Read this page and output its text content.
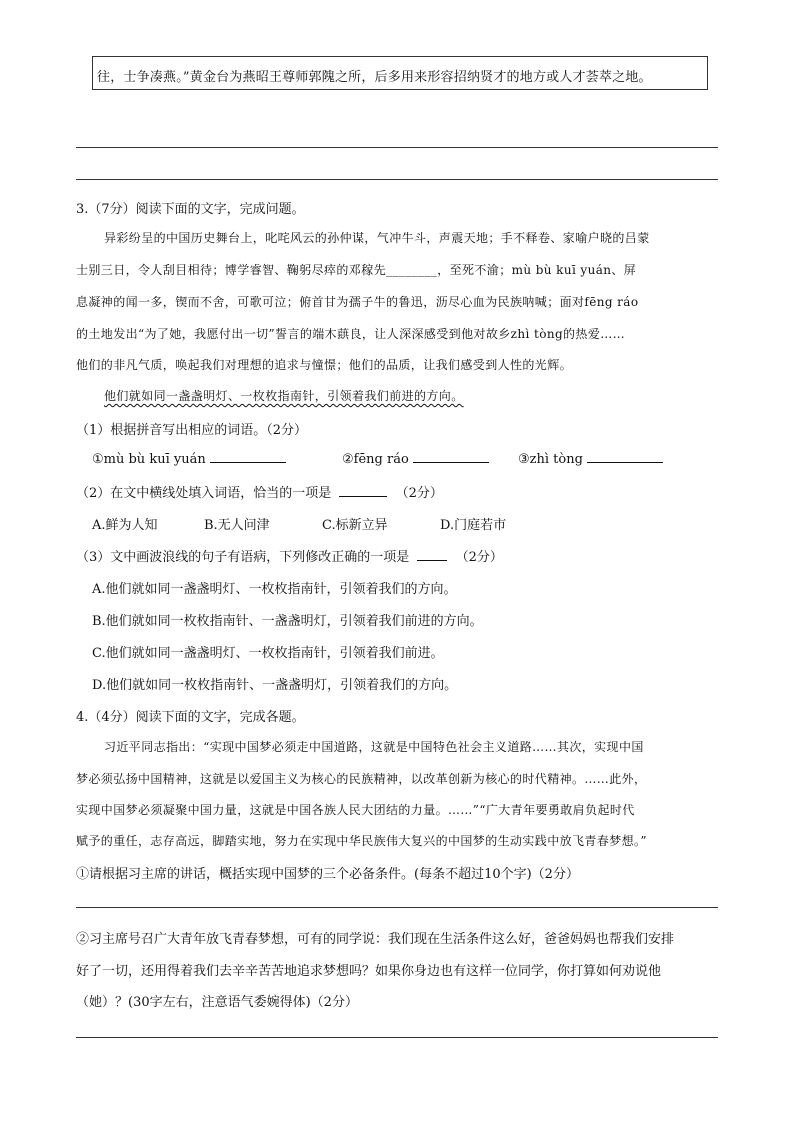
往，士争凑燕。”黄金台为燕昭王尊师郭隗之所，后多用来形容招纳贤才的地方或人才荟萃之地。
3.（7分）阅读下面的文字，完成问题。
异彩纷呈的中国历史舞台上，叱咤风云的孙仲谋，气冲牛斗，声震天地；手不释卷、家喻户晓的吕蒙
士别三日，令人刮目相待；博学睿智、鞠躬尽瘁的邓稼先________，至死不渝；mù bù kuī yuán、屏
息凝神的闻一多，锲而不舍，可歌可泣；俯首甘为孺子牛的鲁迅，沥尽心血为民族呐喊；面对fēng ráo
的土地发出“为了她，我愿付出一切”誓言的端木蕻良，让人深深感受到他对故乡zhì tòng的热爱……
他们的非凡气质，唤起我们对理想的追求与憧憬；他们的品质，让我们感受到人性的光辉。
他们就如同一盏盏明灯、一枚枚指南针，引领着我们前进的方向。
（1）根据拼音写出相应的词语。（2分）
①mù bù kuī yuán	②fēng ráo	③zhì tòng
（2）在文中横线处填入词语，恰当的一项是	（2分）
A.鲜为人知	B.无人问津	C.标新立异	D.门庭若市
（3）文中画波浪线的句子有语病，下列修改正确的一项是	（2分）
A.他们就如同一盏盏明灯、一枚枚指南针，引领着我们的方向。
B.他们就如同一枚枚指南针、一盏盏明灯，引领着我们前进的方向。
C.他们就如同一盏盏明灯、一枚枚指南针，引领着我们前进。
D.他们就如同一枚枚指南针、一盏盏明灯，引领着我们的方向。
4.（4分）阅读下面的文字，完成各题。
习近平同志指出：“实现中国梦必须走中国道路，这就是中国特色社会主义道路……其次，实现中国
梦必须弘扬中国精神，这就是以爱国主义为核心的民族精神，以改革创新为核心的时代精神。……此外，
实现中国梦必须凝聚中国力量，这就是中国各族人民大团结的力量。……”“广大青年要勇敢肩负起时代
赋予的重任，志存高远，脚踏实地，努力在实现中华民族伟大复兴的中国梦的生动实践中放飞青春梦想。”
①请根据习主席的讲话，概括实现中国梦的三个必备条件。(每条不超过10个字)（2分）
②习主席号召广大青年放飞青春梦想，可有的同学说：我们现在生活条件这么好，爸爸妈妈也帮我们安排
好了一切，还用得着我们去辛辛苦苦地追求梦想吗？如果你身边也有这样一位同学，你打算如何劝说他
（她）？(30字左右，注意语气委婉得体)（2分）
